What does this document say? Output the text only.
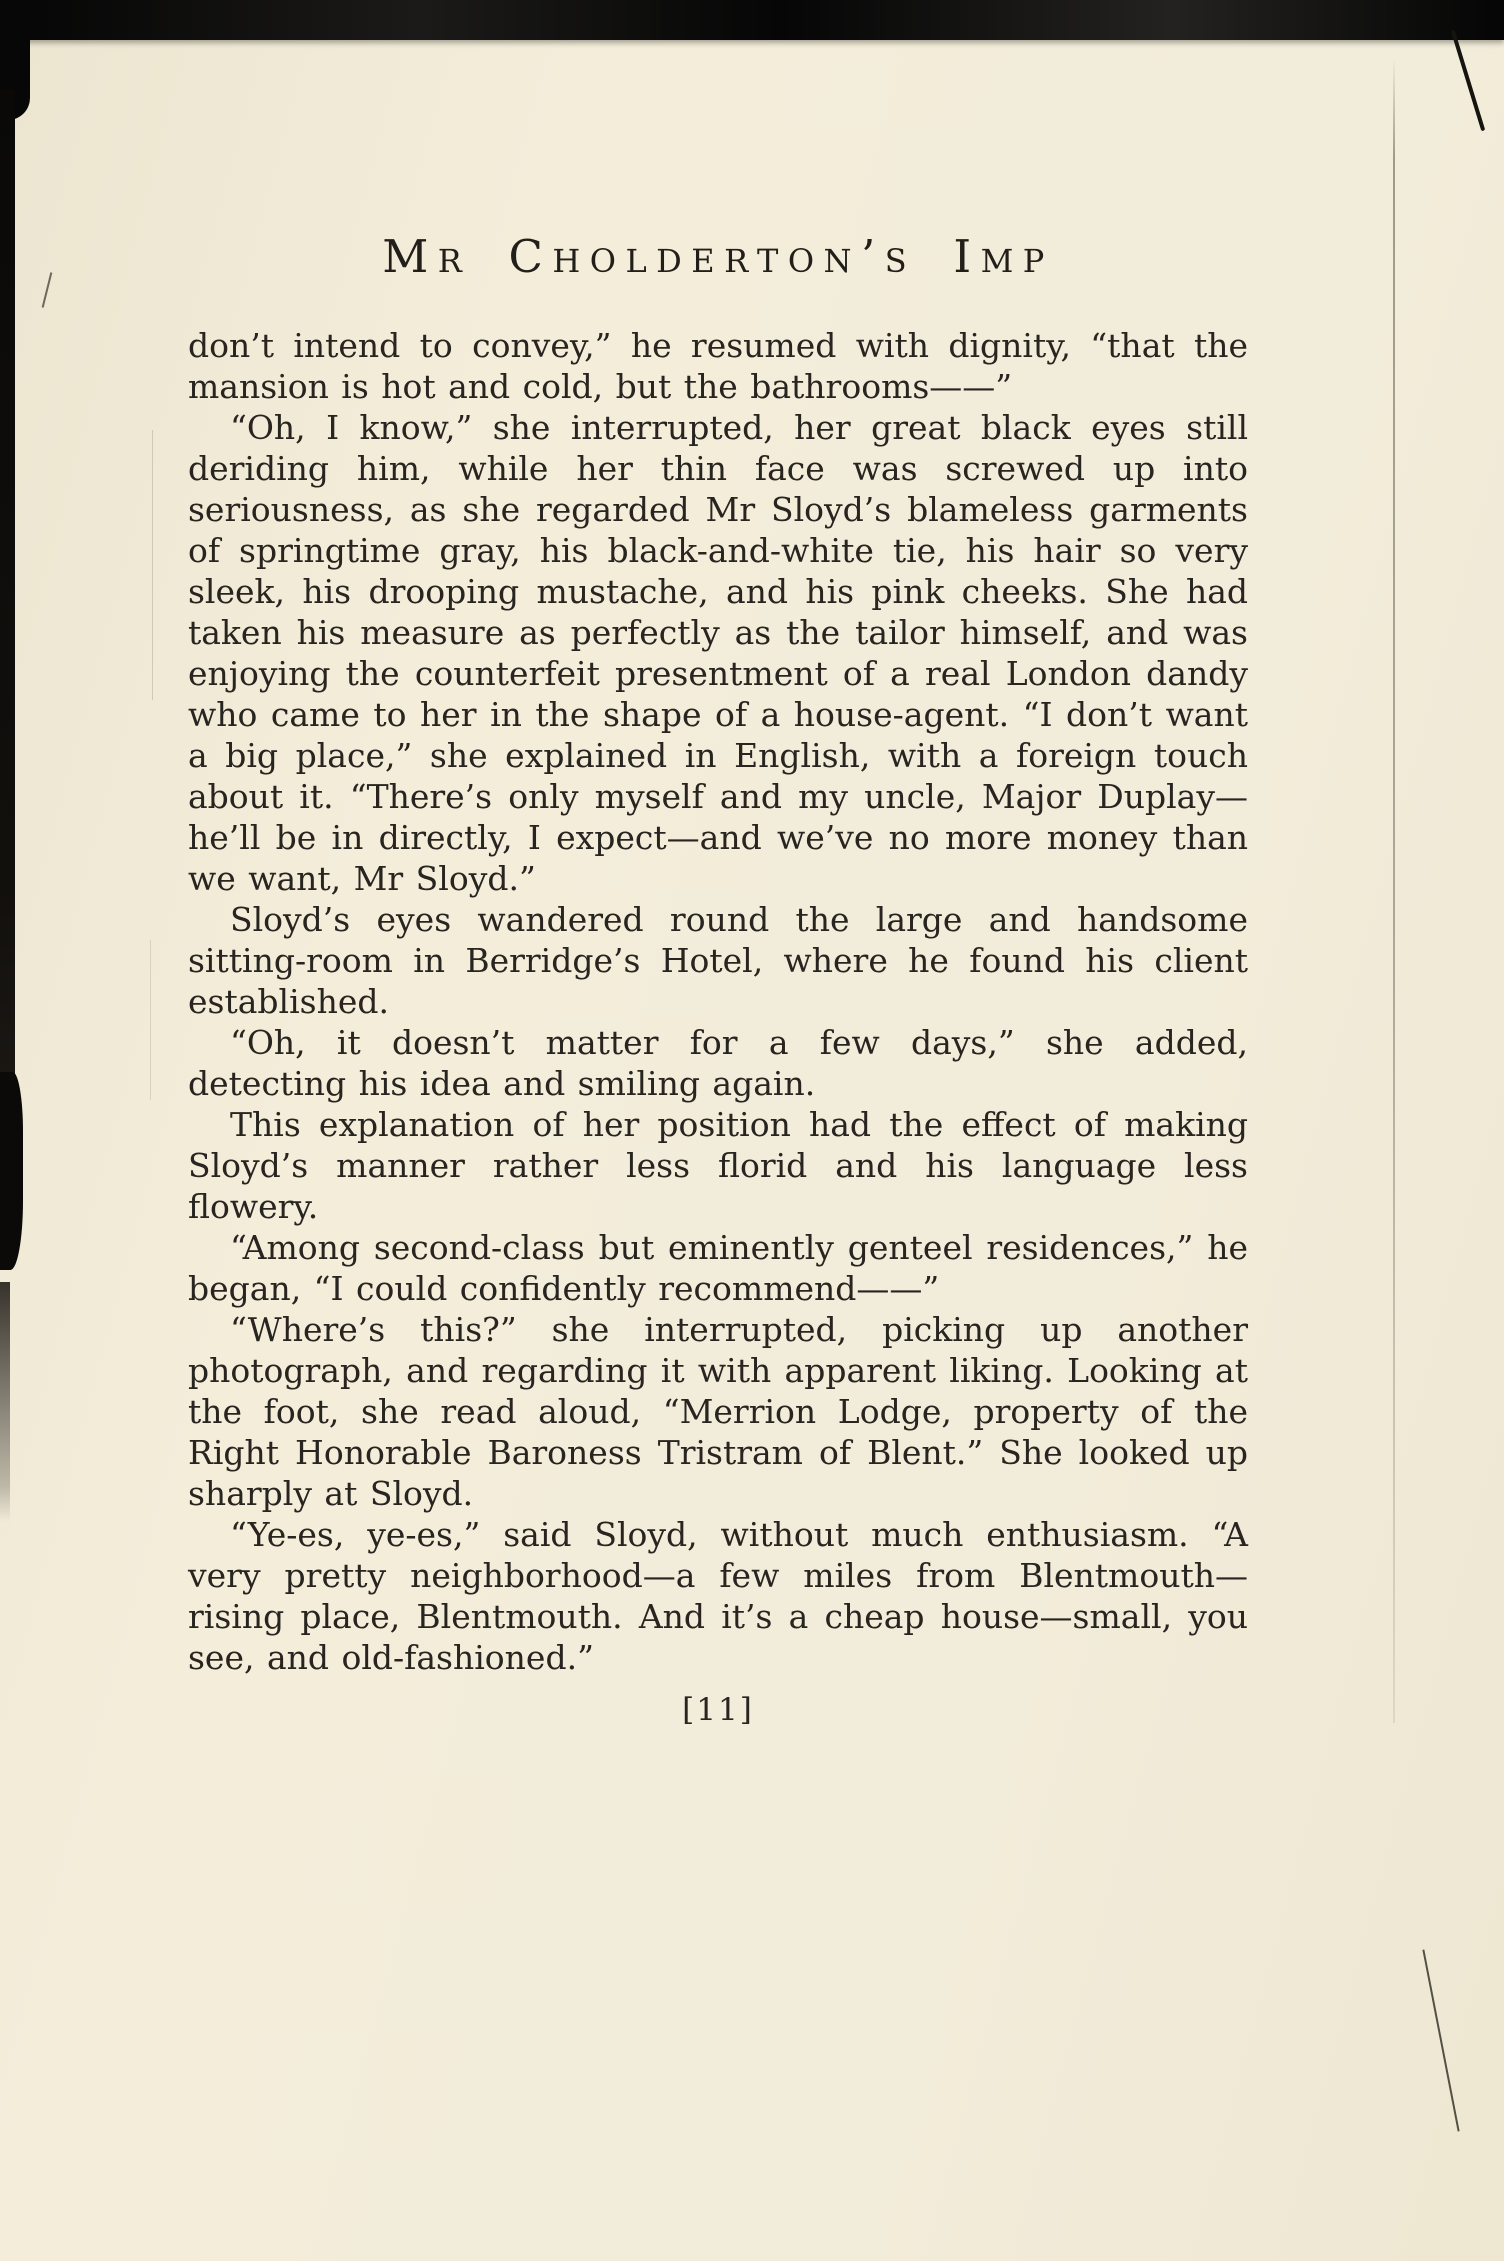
Mr Cholderton’s Imp

don’t intend to convey,” he resumed with dignity, “that the mansion is hot and cold, but the bathrooms——”

“Oh, I know,” she interrupted, her great black eyes still deriding him, while her thin face was screwed up into seriousness, as she regarded Mr Sloyd’s blameless garments of springtime gray, his black-and-white tie, his hair so very sleek, his drooping mustache, and his pink cheeks. She had taken his measure as perfectly as the tailor himself, and was enjoying the counterfeit presentment of a real London dandy who came to her in the shape of a house-agent. “I don’t want a big place,” she explained in English, with a foreign touch about it. “There’s only myself and my uncle, Major Duplay—he’ll be in directly, I expect—and we’ve no more money than we want, Mr Sloyd.”

Sloyd’s eyes wandered round the large and handsome sitting-room in Berridge’s Hotel, where he found his client established.

“Oh, it doesn’t matter for a few days,” she added, detecting his idea and smiling again.

This explanation of her position had the effect of making Sloyd’s manner rather less florid and his language less flowery.

“Among second-class but eminently genteel residences,” he began, “I could confidently recommend——”

“Where’s this?” she interrupted, picking up another photograph, and regarding it with apparent liking. Looking at the foot, she read aloud, “Merrion Lodge, property of the Right Honorable Baroness Tristram of Blent.” She looked up sharply at Sloyd.

“Ye-es, ye-es,” said Sloyd, without much enthusiasm. “A very pretty neighborhood—a few miles from Blentmouth—rising place, Blentmouth. And it’s a cheap house—small, you see, and old-fashioned.”

[11]
